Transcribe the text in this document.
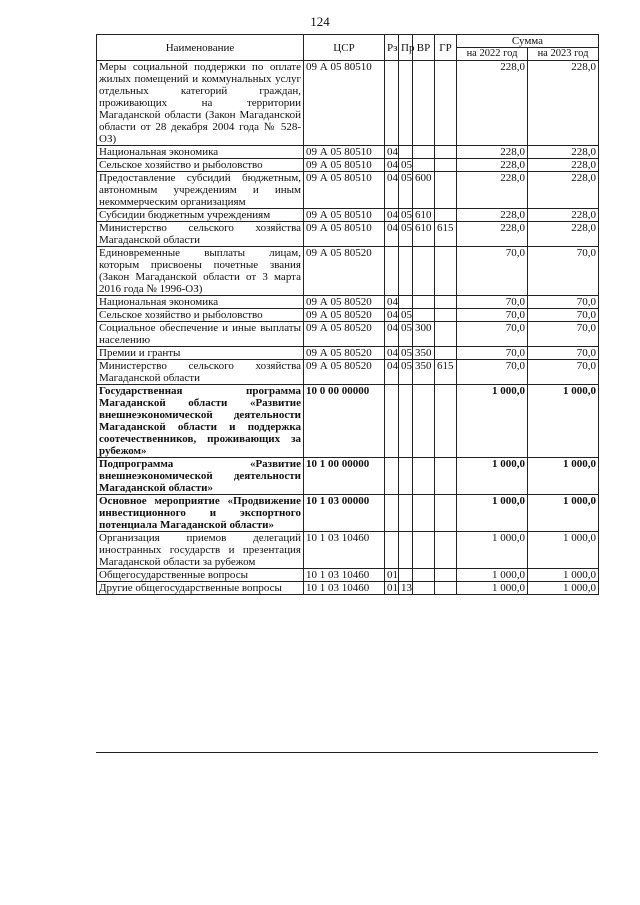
124
Наименование	ЦСР	Рз	Пр	ВР	ГР	Сумма	
						на 2022 год	на 2023 год
Меры социальной поддержки по оплате жилых помещений и коммунальных услуг отдельных категорий граждан, проживающих на территории Магаданской области (Закон Магаданской области от 28 декабря 2004 года № 528-ОЗ)	09 А 05 80510					228,0	228,0
Национальная экономика	09 А 05 80510	04				228,0	228,0
Сельское хозяйство и рыболовство	09 А 05 80510	04	05			228,0	228,0
Предоставление субсидий бюджетным, автономным учреждениям и иным некоммерческим организациям	09 А 05 80510	04	05	600		228,0	228,0
Субсидии бюджетным учреждениям	09 А 05 80510	04	05	610		228,0	228,0
Министерство сельского хозяйства Магаданской области	09 А 05 80510	04	05	610	615	228,0	228,0
Единовременные выплаты лицам, которым присвоены почетные звания (Закон Магаданской области от 3 марта 2016 года № 1996-ОЗ)	09 А 05 80520					70,0	70,0
Национальная экономика	09 А 05 80520	04				70,0	70,0
Сельское хозяйство и рыболовство	09 А 05 80520	04	05			70,0	70,0
Социальное обеспечение и иные выплаты населению	09 А 05 80520	04	05	300		70,0	70,0
Премии и гранты	09 А 05 80520	04	05	350		70,0	70,0
Министерство сельского хозяйства Магаданской области	09 А 05 80520	04	05	350	615	70,0	70,0
Государственная программа Магаданской области «Развитие внешнеэкономической деятельности Магаданской области и поддержка соотечественников, проживающих за рубежом»	10 0 00 00000					1 000,0	1 000,0
Подпрограмма «Развитие внешнеэкономической деятельности Магаданской области»	10 1 00 00000					1 000,0	1 000,0
Основное мероприятие «Продвижение инвестиционного и экспортного потенциала Магаданской области»	10 1 03 00000					1 000,0	1 000,0
Организация приемов делегаций иностранных государств и презентация Магаданской области за рубежом	10 1 03 10460					1 000,0	1 000,0
Общегосударственные вопросы	10 1 03 10460	01				1 000,0	1 000,0
Другие общегосударственные вопросы	10 1 03 10460	01	13			1 000,0	1 000,0
